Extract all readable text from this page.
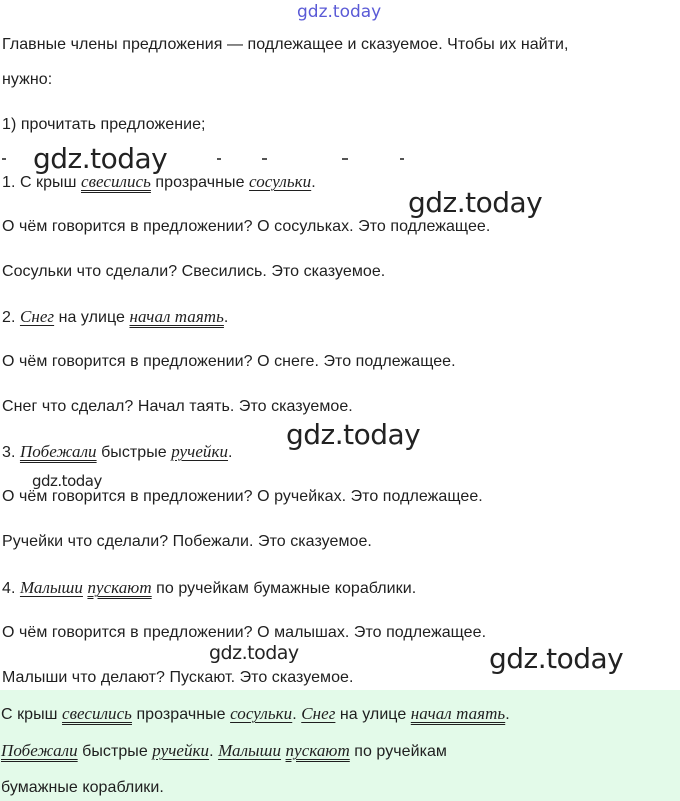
gdz.today
Главные члены предложения — подлежащее и сказуемое. Чтобы их найти,
нужно:
1) прочитать предложение;
1. С крыш свесились прозрачные сосульки.
О чём говорится в предложении? О сосульках. Это подлежащее.
Сосульки что сделали? Свесились. Это сказуемое.
2. Снег на улице начал таять.
О чём говорится в предложении? О снеге. Это подлежащее.
Снег что сделал? Начал таять. Это сказуемое.
3. Побежали быстрые ручейки.
О чём говорится в предложении? О ручейках. Это подлежащее.
Ручейки что сделали? Побежали. Это сказуемое.
4. Малыши пускают по ручейкам бумажные кораблики.
О чём говорится в предложении? О малышах. Это подлежащее.
Малыши что делают? Пускают. Это сказуемое.
С крыш свесились прозрачные сосульки. Снег на улице начал таять.
Побежали быстрые ручейки. Малыши пускают по ручейкам
бумажные кораблики.
gdz.today
gdz.today
gdz.today
gdz.today
gdz.today	gdz.today
